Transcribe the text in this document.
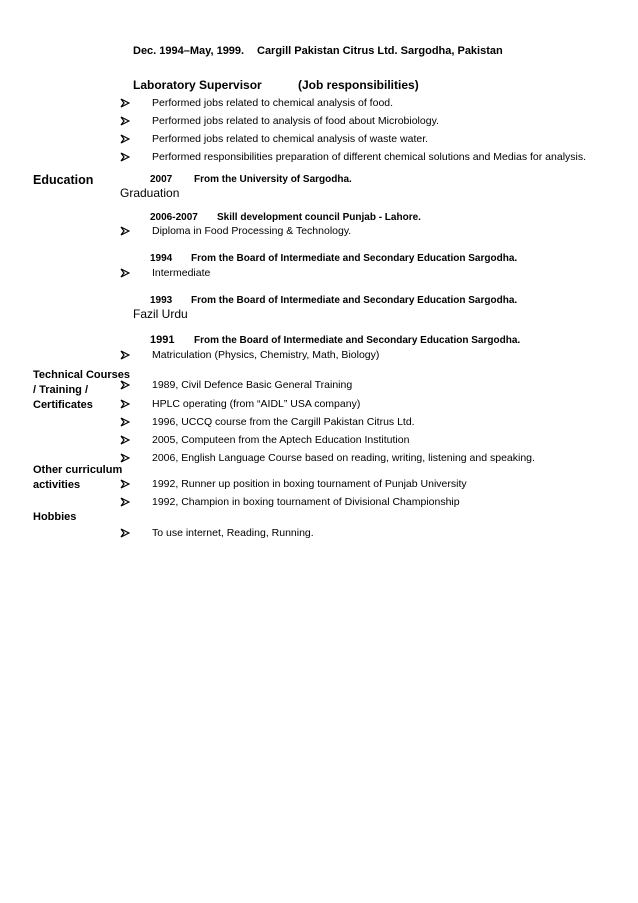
Dec. 1994–May, 1999. Cargill Pakistan Citrus Ltd. Sargodha, Pakistan
Laboratory Supervisor	(Job responsibilities)
Performed jobs related to chemical analysis of food.
Performed jobs related to analysis of food about Microbiology.
Performed jobs related to chemical analysis of waste water.
Performed responsibilities preparation of different chemical solutions and Medias for analysis.
Education	2007 From the University of Sargodha.
Graduation
2006-2007 Skill development council Punjab - Lahore.
Diploma in Food Processing & Technology.
1994 From the Board of Intermediate and Secondary Education Sargodha.
Intermediate
1993 From the Board of Intermediate and Secondary Education Sargodha.
Fazil Urdu
1991 From the Board of Intermediate and Secondary Education Sargodha.
Matriculation (Physics, Chemistry, Math, Biology)
Technical Courses
/ Training /
Certificates
1989, Civil Defence Basic General Training
HPLC operating (from “AIDL” USA company)
1996, UCCQ course from the Cargill Pakistan Citrus Ltd.
2005, Computeen from the Aptech Education Institution
2006, English Language Course based on reading, writing, listening and speaking.
Other curriculum
activities	1992, Runner up position in boxing tournament of Punjab University
1992, Champion in boxing tournament of Divisional Championship
Hobbies
To use internet, Reading, Running.
